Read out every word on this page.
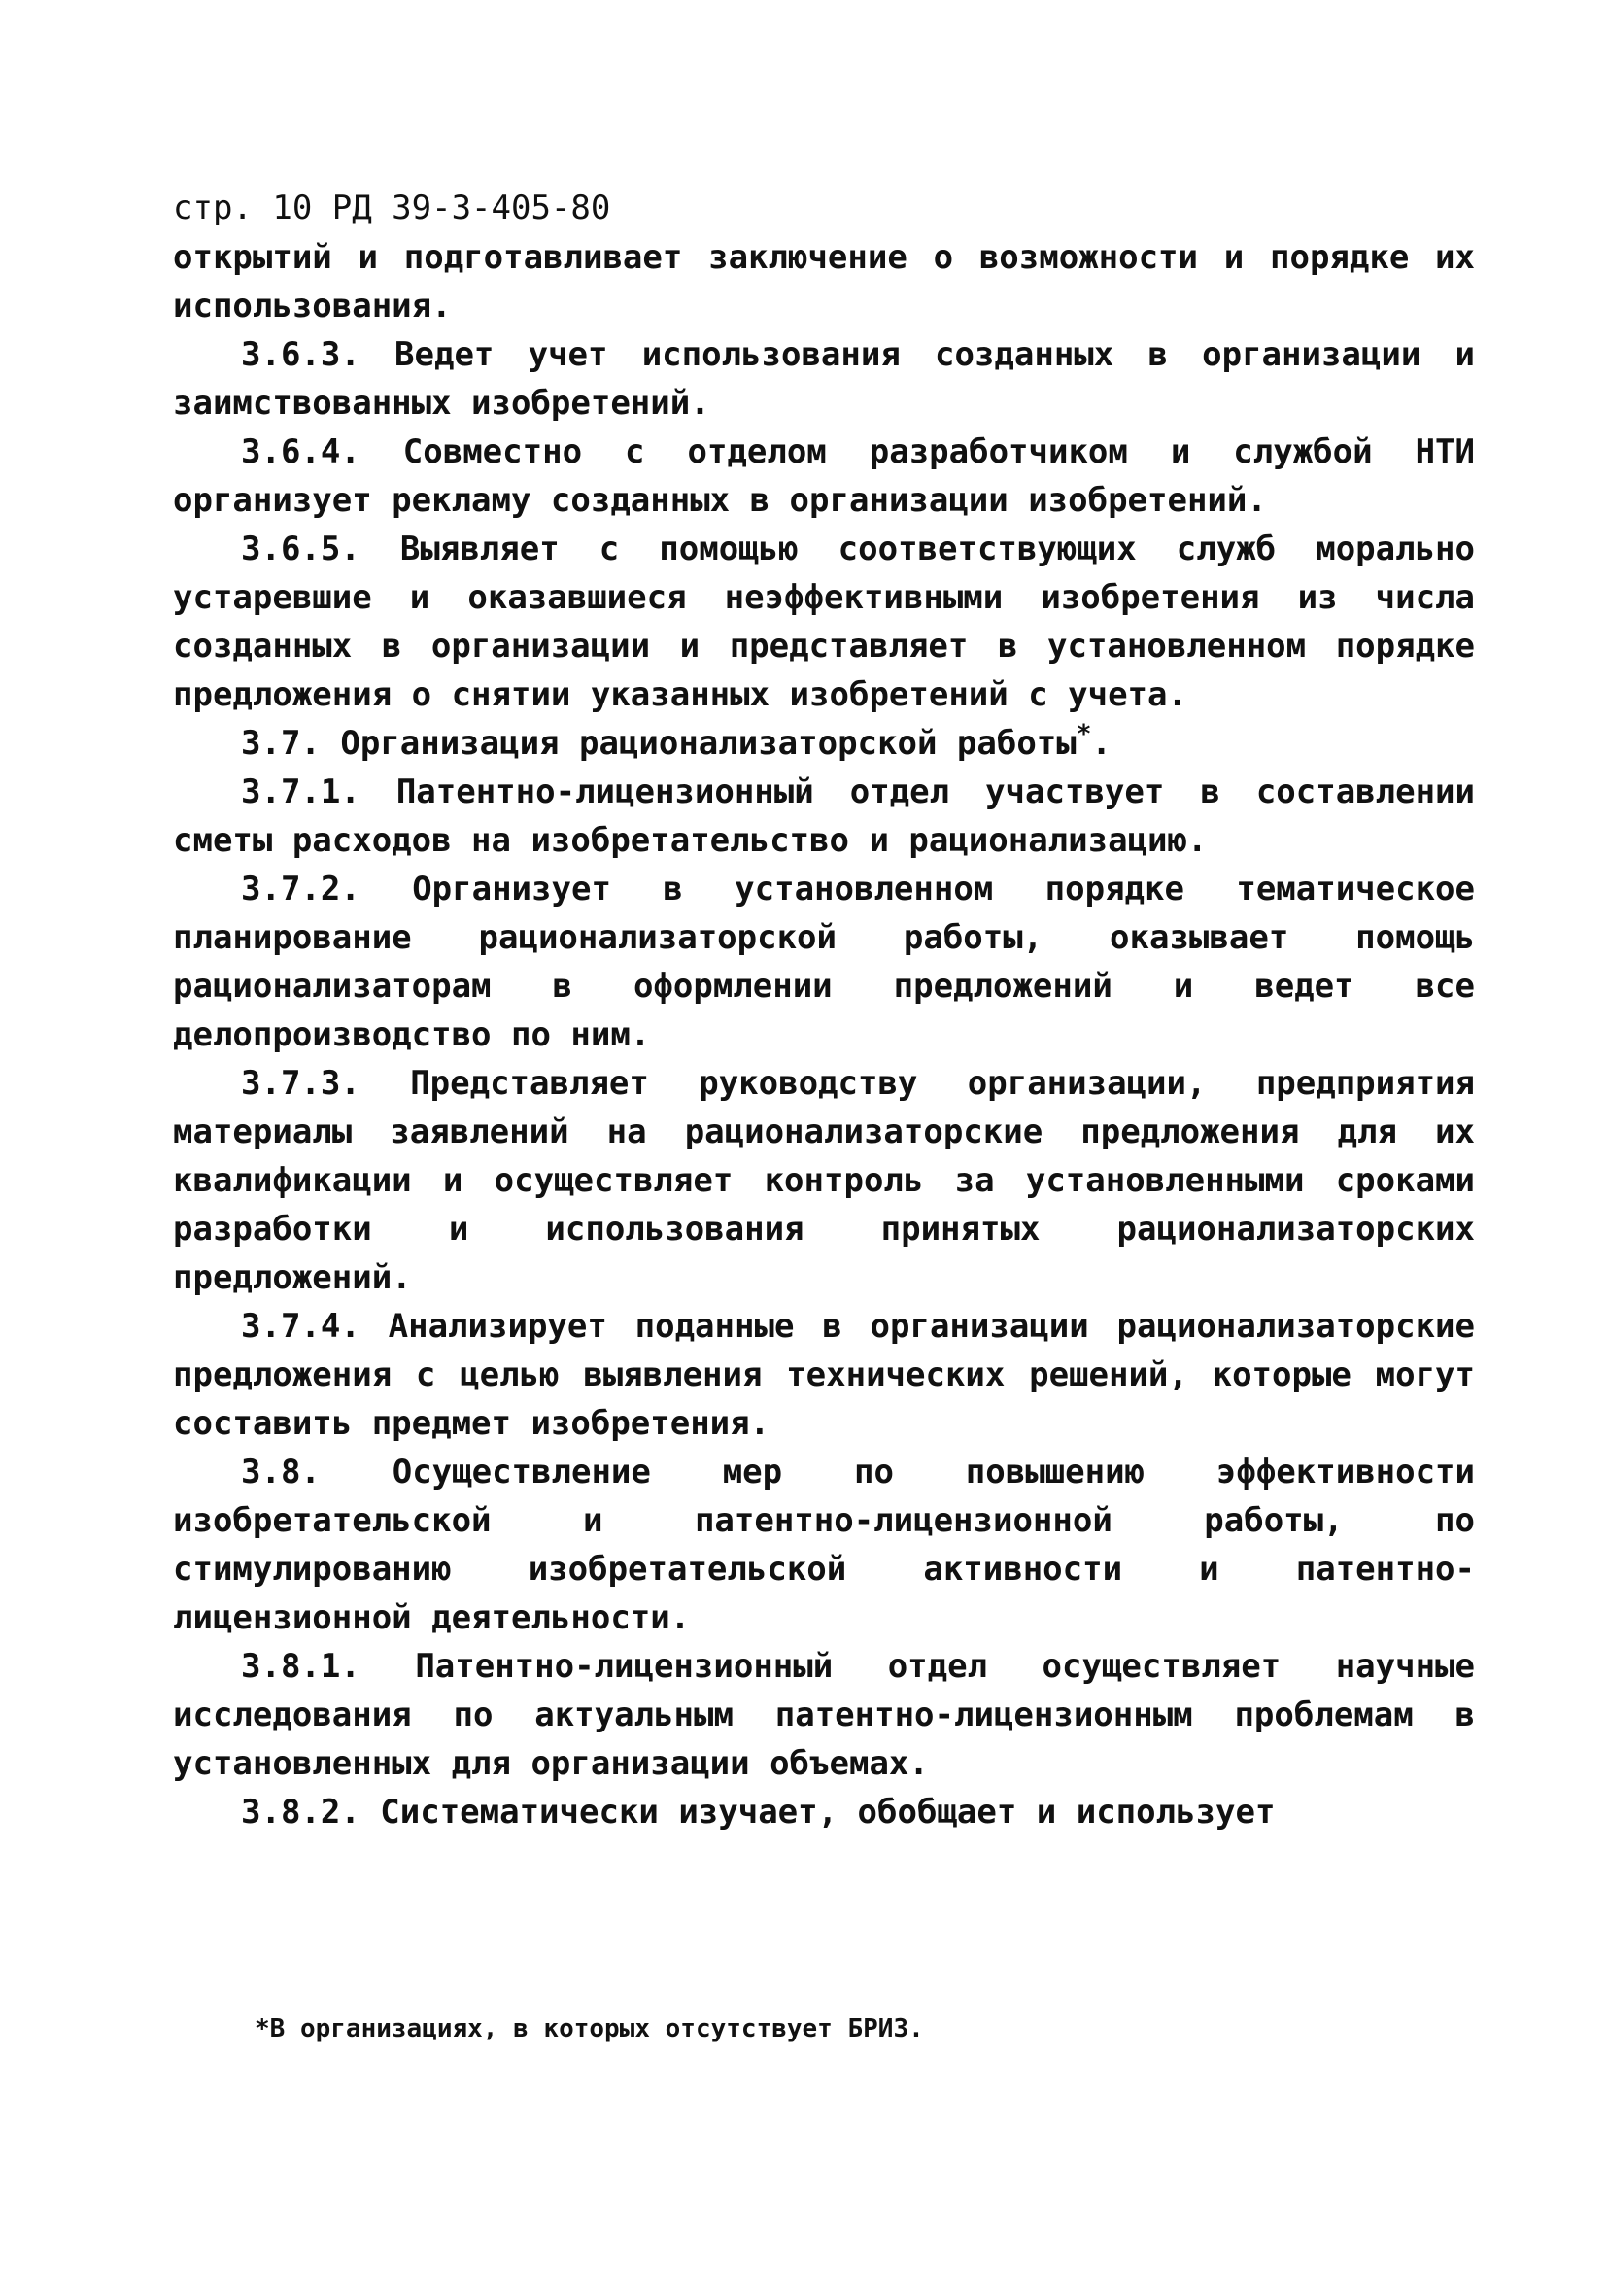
стр. 10 РД 39-3-405-80

открытий и подготавливает заключение о возможности и порядке их использования.

3.6.3. Ведет учет использования созданных в организации и заимствованных изобретений.

3.6.4. Совместно с отделом разработчиком и службой НТИ организует рекламу созданных в организации изобретений.

3.6.5. Выявляет с помощью соответствующих служб морально устаревшие и оказавшиеся неэффективными изобретения из числа созданных в организации и представляет в установленном порядке предложения о снятии указанных изобретений с учета.

3.7. Организация рационализаторской работы*.

3.7.1. Патентно-лицензионный отдел участвует в составлении сметы расходов на изобретательство и рационализацию.

3.7.2. Организует в установленном порядке тематическое планирование рационализаторской работы, оказывает помощь рационализаторам в оформлении предложений и ведет все делопроизводство по ним.

3.7.3. Представляет руководству организации, предприятия материалы заявлений на рационализаторские предложения для их квалификации и осуществляет контроль за установленными сроками разработки и использования принятых рационализаторских предложений.

3.7.4. Анализирует поданные в организации рационализаторские предложения с целью выявления технических решений, которые могут составить предмет изобретения.

3.8. Осуществление мер по повышению эффективности изобретательской и патентно-лицензионной работы, по стимулированию изобретательской активности и патентно-лицензионной деятельности.

3.8.1. Патентно-лицензионный отдел осуществляет научные исследования по актуальным патентно-лицензионным проблемам в установленных для организации объемах.

3.8.2. Систематически изучает, обобщает и использует

*В организациях, в которых отсутствует БРИЗ.
